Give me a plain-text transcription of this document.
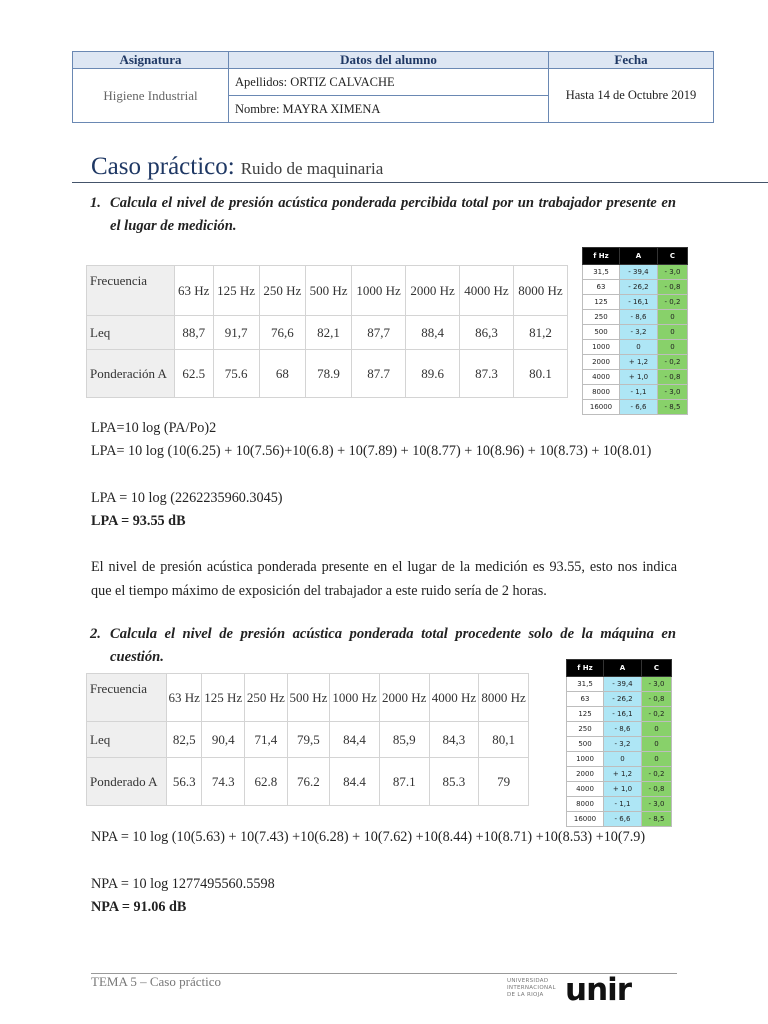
Asignatura	Datos del alumno	Fecha
Higiene Industrial	Apellidos: ORTIZ CALVACHE	Hasta 14 de Octubre 2019
	Nombre: MAYRA XIMENA	
Caso práctico: Ruido de maquinaria
1. Calcula el nivel de presión acústica ponderada percibida total por un trabajador presente en el lugar de medición.
Frecuencia	63 Hz	125 Hz	250 Hz	500 Hz	1000 Hz	2000 Hz	4000 Hz	8000 Hz
Leq	88,7	91,7	76,6	82,1	87,7	88,4	86,3	81,2
Ponderación A	62.5	75.6	68	78.9	87.7	89.6	87.3	80.1
f Hz	A	C
31,5	- 39,4	- 3,0
63	- 26,2	- 0,8
125	- 16,1	- 0,2
250	- 8,6	0
500	- 3,2	0
1000	0	0
2000	+ 1,2	- 0,2
4000	+ 1,0	- 0,8
8000	- 1,1	- 3,0
16000	- 6,6	- 8,5
LPA=10 log (PA/Po)2
LPA= 10 log (10(6.25) + 10(7.56)+10(6.8) + 10(7.89) + 10(8.77) + 10(8.96) + 10(8.73) + 10(8.01)
LPA = 10 log (2262235960.3045)
LPA = 93.55 dB
El nivel de presión acústica ponderada presente en el lugar de la medición es 93.55, esto nos indica que el tiempo máximo de exposición del trabajador a este ruido sería de 2 horas.
2. Calcula el nivel de presión acústica ponderada total procedente solo de la máquina en cuestión.
Frecuencia	63 Hz	125 Hz	250 Hz	500 Hz	1000 Hz	2000 Hz	4000 Hz	8000 Hz
Leq	82,5	90,4	71,4	79,5	84,4	85,9	84,3	80,1
Ponderado A	56.3	74.3	62.8	76.2	84.4	87.1	85.3	79
f Hz	A	C
31,5	- 39,4	- 3,0
63	- 26,2	- 0,8
125	- 16,1	- 0,2
250	- 8,6	0
500	- 3,2	0
1000	0	0
2000	+ 1,2	- 0,2
4000	+ 1,0	- 0,8
8000	- 1,1	- 3,0
16000	- 6,6	- 8,5
NPA = 10 log (10(5.63) + 10(7.43) +10(6.28) + 10(7.62) +10(8.44) +10(8.71) +10(8.53) +10(7.9)
NPA = 10 log 1277495560.5598
NPA = 91.06 dB
TEMA 5 – Caso práctico	UNIVERSIDAD
INTERNACIONAL
DE LA RIOJA unir
